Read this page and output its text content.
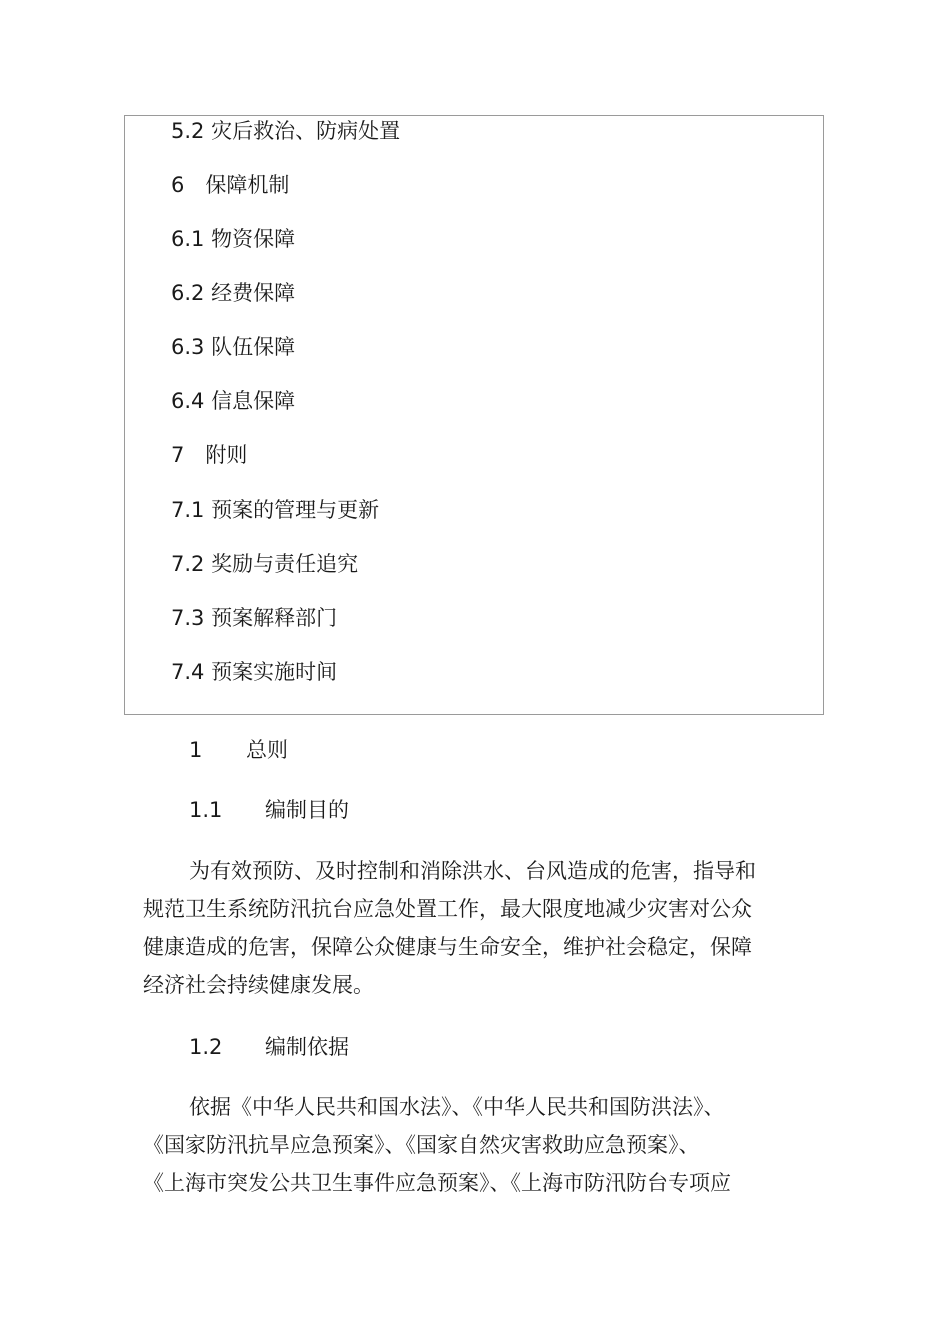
5.2 灾后救治、防病处置
6　保障机制
6.1 物资保障
6.2 经费保障
6.3 队伍保障
6.4 信息保障
7　附则
7.1 预案的管理与更新
7.2 奖励与责任追究
7.3 预案解释部门
7.4 预案实施时间
1 总则
1.1 编制目的
为有效预防、及时控制和消除洪水、台风造成的危害，指导和
规范卫生系统防汛抗台应急处置工作，最大限度地减少灾害对公众
健康造成的危害，保障公众健康与生命安全，维护社会稳定，保障
经济社会持续健康发展。
1.2 编制依据
依据《中华人民共和国水法》、《中华人民共和国防洪法》、
《国家防汛抗旱应急预案》、《国家自然灾害救助应急预案》、
《上海市突发公共卫生事件应急预案》、《上海市防汛防台专项应
